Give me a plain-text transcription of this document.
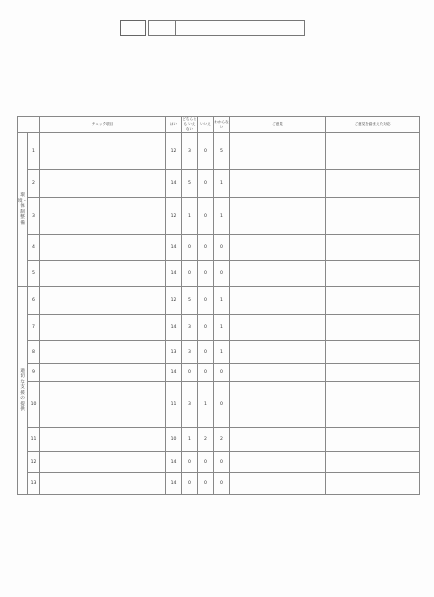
		チェック項目	はい	どちらとも いえない	いいえ	わからない	ご意見	ご意見を踏まえた対応
環境・体制整備	1		12	3	0	5		
	2		14	5	0	1		
	3		12	1	0	1		
	4		14	0	0	0		
	5		14	0	0	0		
適切な支援の提供	6		12	5	0	1		
	7		14	3	0	1		
	8		13	3	0	1		
	9		14	0	0	0		
	10		11	3	1	0		
	11		10	1	2	2		
	12		14	0	0	0		
	13		14	0	0	0		
